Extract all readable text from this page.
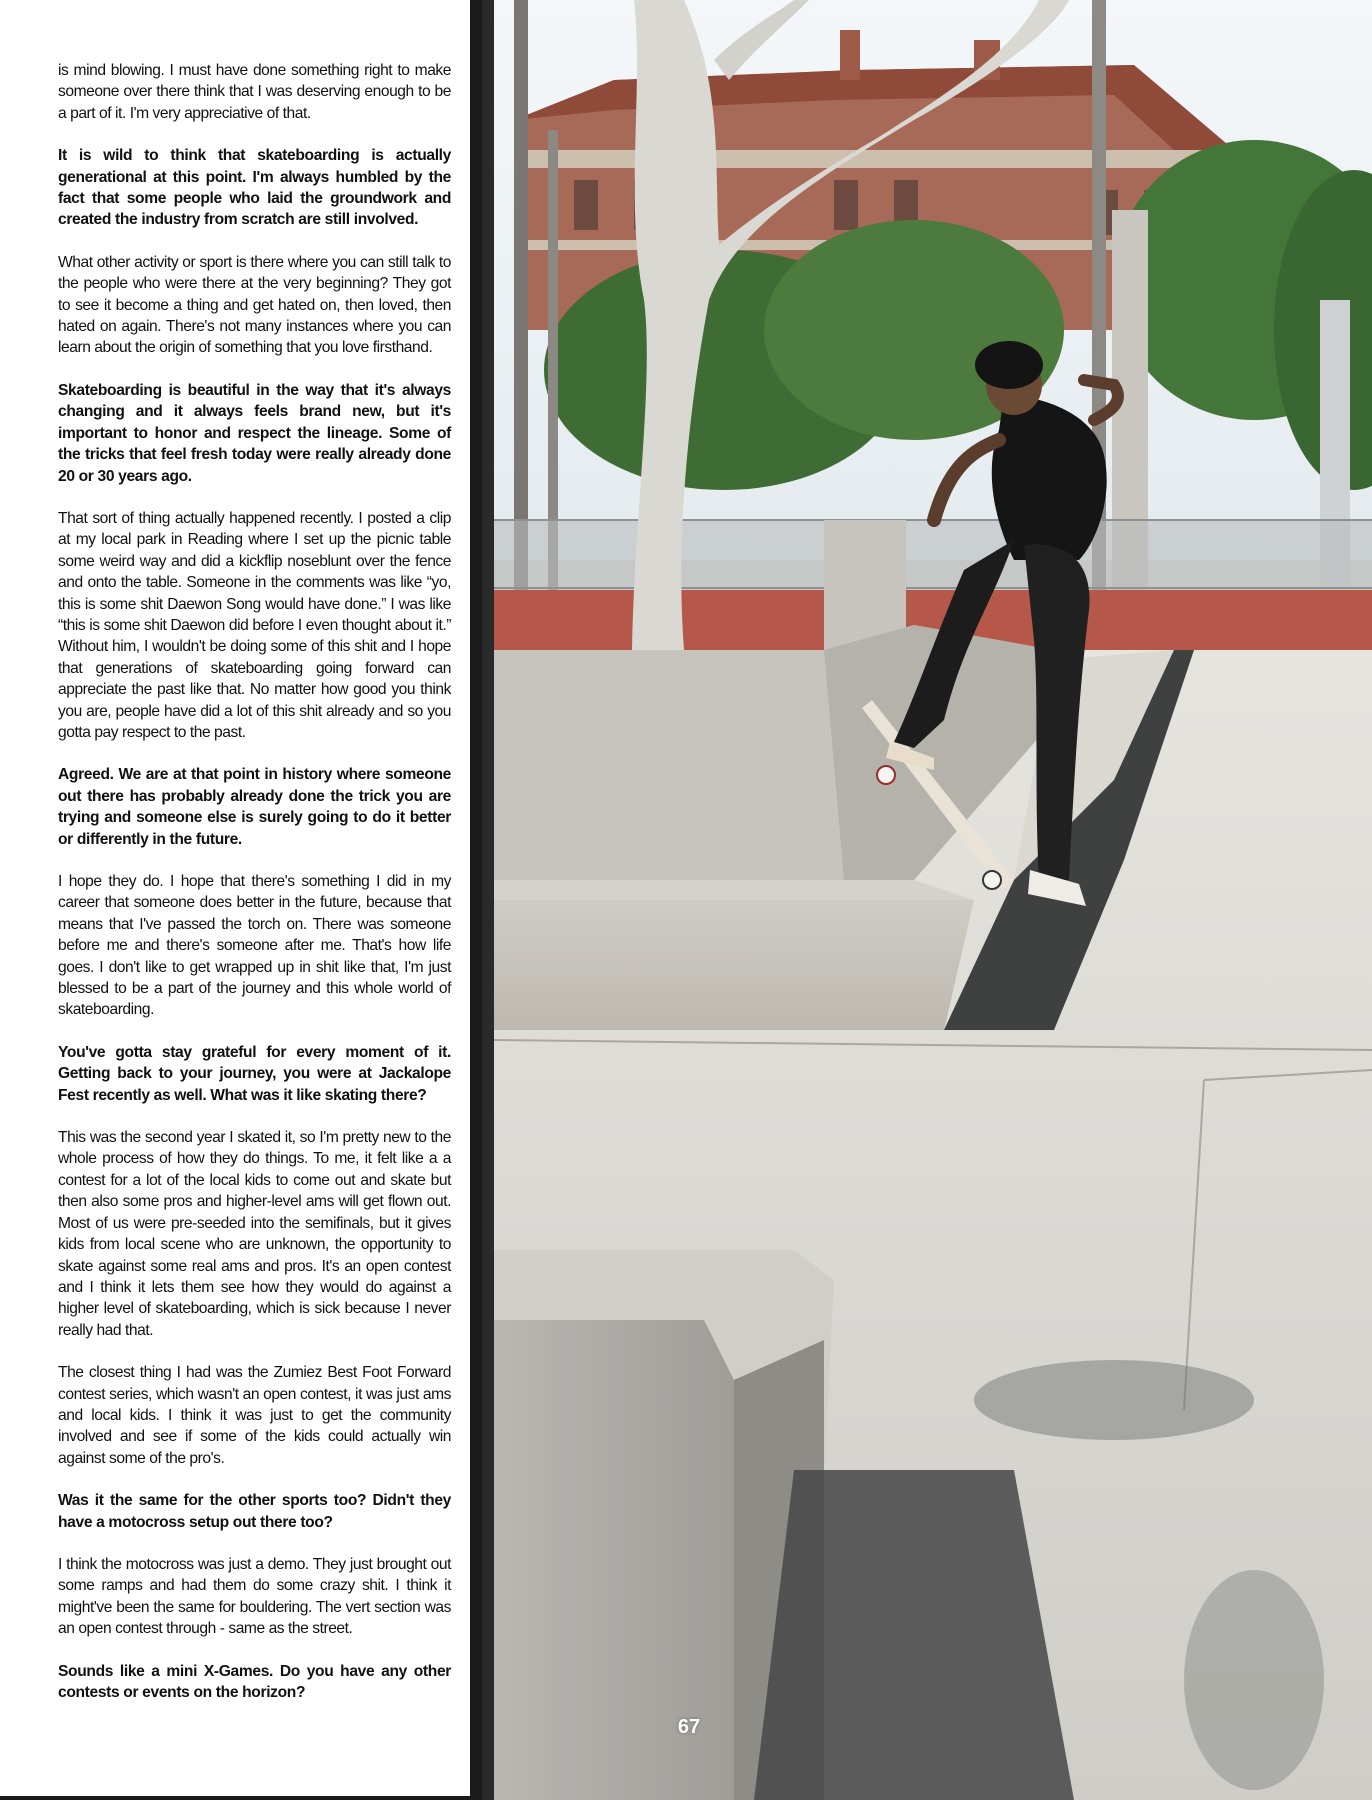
is mind blowing. I must have done something right to make someone over there think that I was deserving enough to be a part of it. I'm very appreciative of that.

It is wild to think that skateboarding is actually generational at this point. I'm always humbled by the fact that some people who laid the groundwork and created the industry from scratch are still involved.

What other activity or sport is there where you can still talk to the people who were there at the very beginning? They got to see it become a thing and get hated on, then loved, then hated on again. There's not many instances where you can learn about the origin of something that you love firsthand.

Skateboarding is beautiful in the way that it's always changing and it always feels brand new, but it's important to honor and respect the lineage. Some of the tricks that feel fresh today were really already done 20 or 30 years ago.

That sort of thing actually happened recently. I posted a clip at my local park in Reading where I set up the picnic table some weird way and did a kickflip noseblunt over the fence and onto the table. Someone in the comments was like “yo, this is some shit Daewon Song would have done.” I was like “this is some shit Daewon did before I even thought about it.” Without him, I wouldn't be doing some of this shit and I hope that generations of skateboarding going forward can appreciate the past like that. No matter how good you think you are, people have did a lot of this shit already and so you gotta pay respect to the past.

Agreed. We are at that point in history where someone out there has probably already done the trick you are trying and someone else is surely going to do it better or differently in the future.

I hope they do. I hope that there's something I did in my career that someone does better in the future, because that means that I've passed the torch on. There was someone before me and there's someone after me. That's how life goes. I don't like to get wrapped up in shit like that, I'm just blessed to be a part of the journey and this whole world of skateboarding.

You've gotta stay grateful for every moment of it. Getting back to your journey, you were at Jackalope Fest recently as well. What was it like skating there?

This was the second year I skated it, so I'm pretty new to the whole process of how they do things. To me, it felt like a a contest for a lot of the local kids to come out and skate but then also some pros and higher-level ams will get flown out. Most of us were pre-seeded into the semifinals, but it gives kids from local scene who are unknown, the opportunity to skate against some real ams and pros. It's an open contest and I think it lets them see how they would do against a higher level of skateboarding, which is sick because I never really had that.

The closest thing I had was the Zumiez Best Foot Forward contest series, which wasn't an open contest, it was just ams and local kids. I think it was just to get the community involved and see if some of the kids could actually win against some of the pro's.

Was it the same for the other sports too? Didn't they have a motocross setup out there too?

I think the motocross was just a demo. They just brought out some ramps and had them do some crazy shit. I think it might've been the same for bouldering. The vert section was an open contest through - same as the street.

Sounds like a mini X-Games. Do you have any other contests or events on the horizon?

67
